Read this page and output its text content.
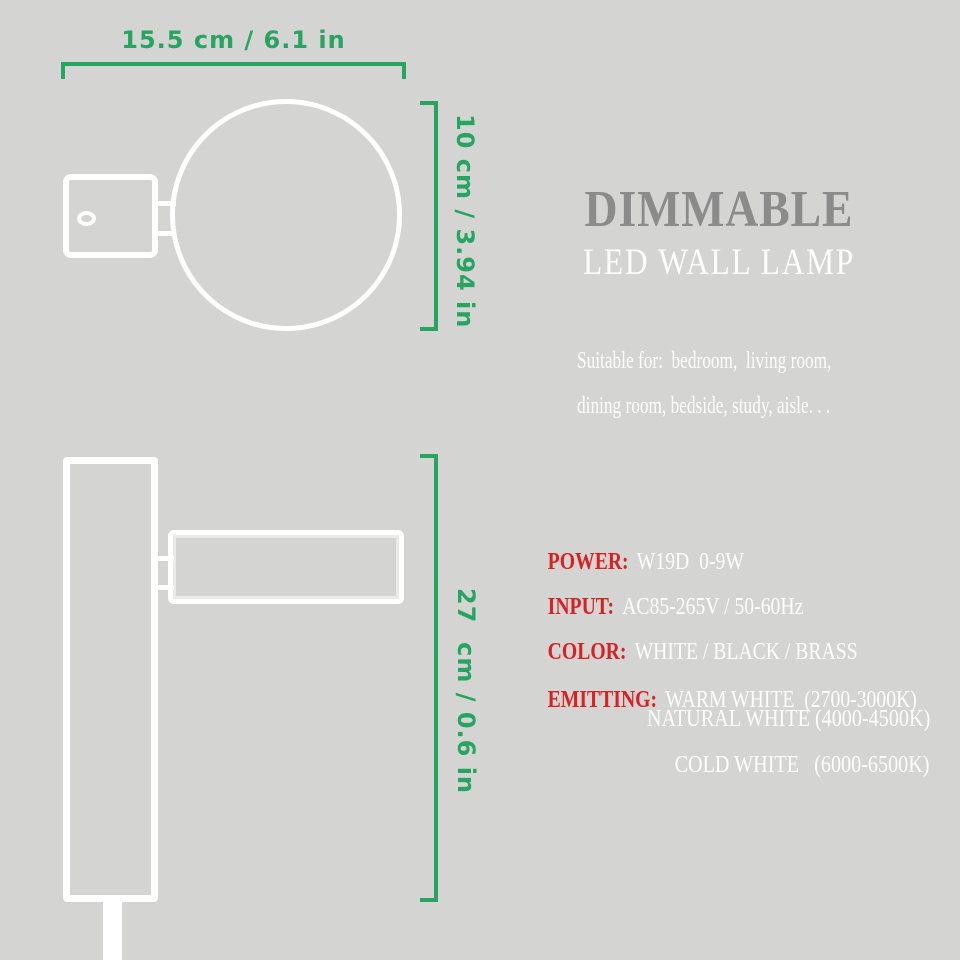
15.5 cm / 6.1 in
10 cm / 3.94 in
27  cm / 0.6 in
DIMMABLE
LED WALL LAMP
Suitable for:  bedroom,  living room,
dining room, bedside, study, aisle. . .

POWER: W19D  0-9W

INPUT: AC85-265V / 50-60Hz

COLOR: WHITE / BLACK / BRASS

EMITTING: WARM WHITE  (2700-3000K)

NATURAL WHITE (4000-4500K)
COLD WHITE   (6000-6500K)
